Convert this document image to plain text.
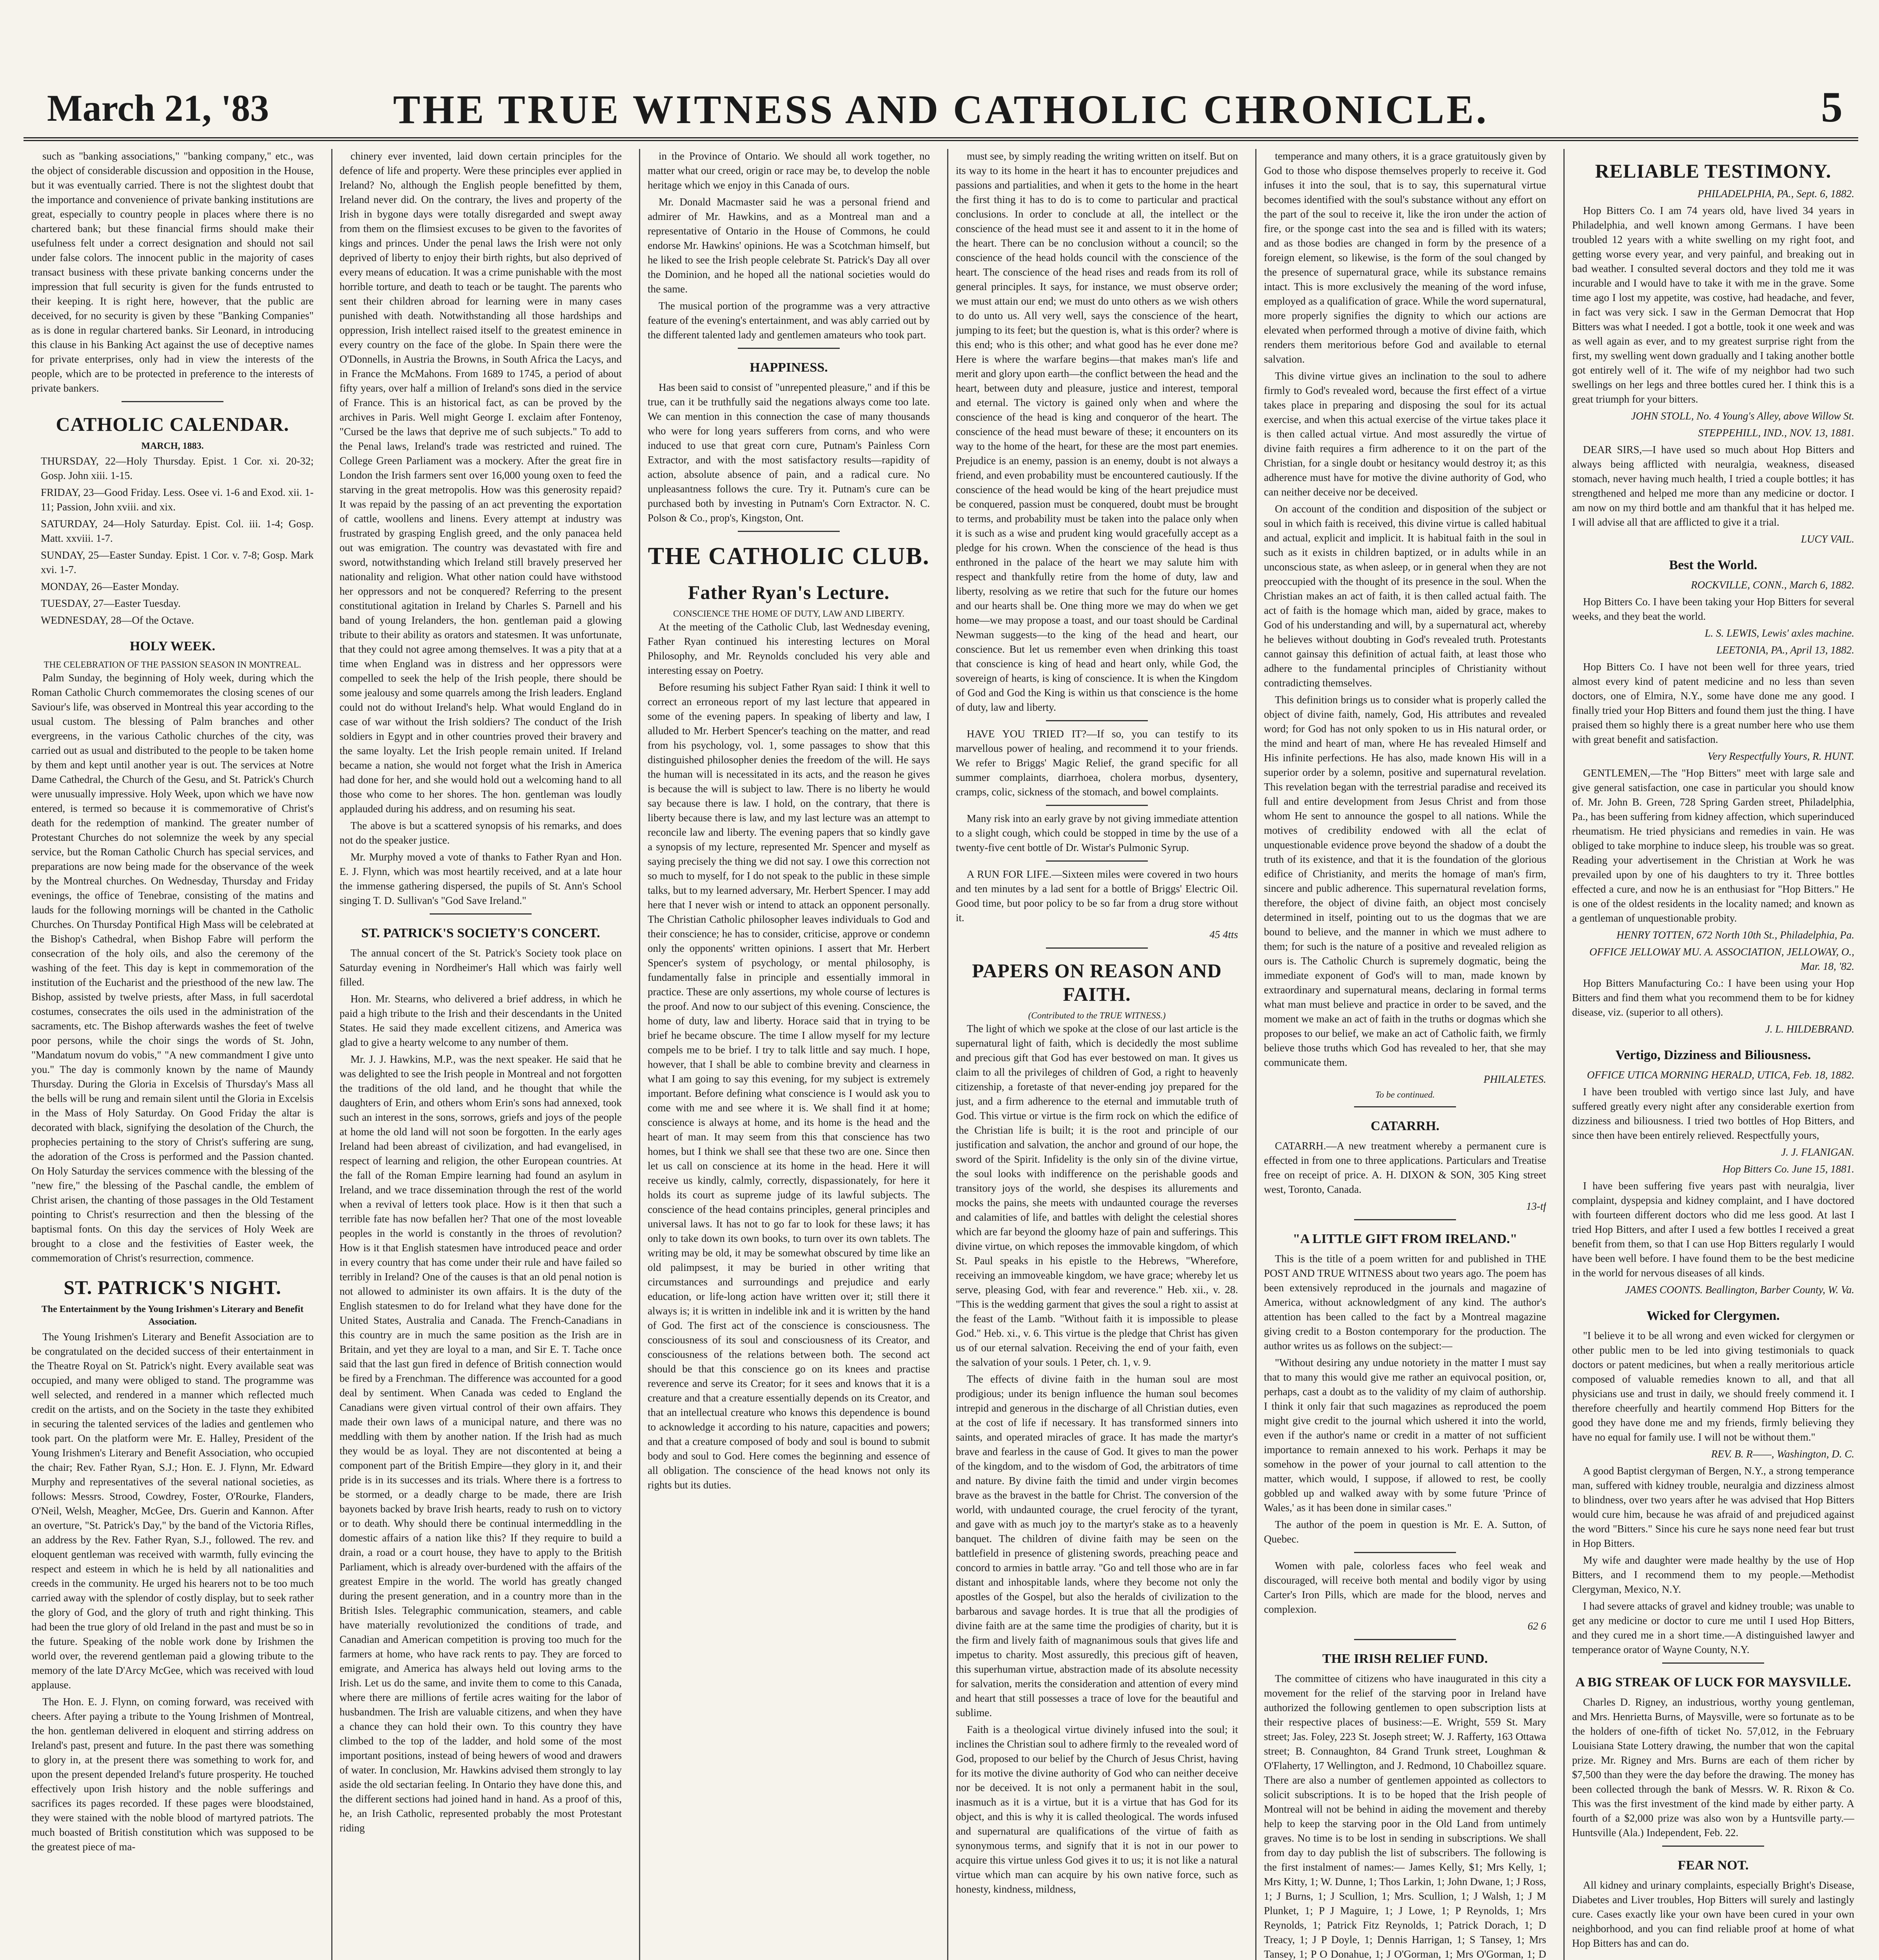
March 21, '83	THE TRUE WITNESS AND CATHOLIC CHRONICLE.	5

such as "banking associations," "banking company," etc., was the object of considerable discussion and opposition in the House, but it was eventually carried. There is not the slightest doubt that the importance and convenience of private banking institutions are great, especially to country people in places where there is no chartered bank; but these financial firms should make their usefulness felt under a correct designation and should not sail under false colors. The innocent public in the majority of cases transact business with these private banking concerns under the impression that full security is given for the funds entrusted to their keeping. It is right here, however, that the public are deceived, for no security is given by these "Banking Companies" as is done in regular chartered banks. Sir Leonard, in introducing this clause in his Banking Act against the use of deceptive names for private enterprises, only had in view the interests of the people, which are to be protected in preference to the interests of private bankers.

CATHOLIC CALENDAR.
MARCH, 1883.

THURSDAY, 22—Holy Thursday. Epist. 1 Cor. xi. 20-32; Gosp. John xiii. 1-15.

FRIDAY, 23—Good Friday. Less. Osee vi. 1-6 and Exod. xii. 1-11; Passion, John xviii. and xix.

SATURDAY, 24—Holy Saturday. Epist. Col. iii. 1-4; Gosp. Matt. xxviii. 1-7.

SUNDAY, 25—Easter Sunday. Epist. 1 Cor. v. 7-8; Gosp. Mark xvi. 1-7.

MONDAY, 26—Easter Monday.

TUESDAY, 27—Easter Tuesday.

WEDNESDAY, 28—Of the Octave.

HOLY WEEK.
THE CELEBRATION OF THE PASSION SEASON IN MONTREAL.

Palm Sunday, the beginning of Holy week, during which the Roman Catholic Church commemorates the closing scenes of our Saviour's life, was observed in Montreal this year according to the usual custom. The blessing of Palm branches and other evergreens, in the various Catholic churches of the city, was carried out as usual and distributed to the people to be taken home by them and kept until another year is out. The services at Notre Dame Cathedral, the Church of the Gesu, and St. Patrick's Church were unusually impressive. Holy Week, upon which we have now entered, is termed so because it is commemorative of Christ's death for the redemption of mankind. The greater number of Protestant Churches do not solemnize the week by any special service, but the Roman Catholic Church has special services, and preparations are now being made for the observance of the week by the Montreal churches. On Wednesday, Thursday and Friday evenings, the office of Tenebrae, consisting of the matins and lauds for the following mornings will be chanted in the Catholic Churches. On Thursday Pontifical High Mass will be celebrated at the Bishop's Cathedral, when Bishop Fabre will perform the consecration of the holy oils, and also the ceremony of the washing of the feet. This day is kept in commemoration of the institution of the Eucharist and the priesthood of the new law. The Bishop, assisted by twelve priests, after Mass, in full sacerdotal costumes, consecrates the oils used in the administration of the sacraments, etc. The Bishop afterwards washes the feet of twelve poor persons, while the choir sings the words of St. John, "Mandatum novum do vobis," "A new commandment I give unto you." The day is commonly known by the name of Maundy Thursday. During the Gloria in Excelsis of Thursday's Mass all the bells will be rung and remain silent until the Gloria in Excelsis in the Mass of Holy Saturday. On Good Friday the altar is decorated with black, signifying the desolation of the Church, the prophecies pertaining to the story of Christ's suffering are sung, the adoration of the Cross is performed and the Passion chanted. On Holy Saturday the services commence with the blessing of the "new fire," the blessing of the Paschal candle, the emblem of Christ arisen, the chanting of those passages in the Old Testament pointing to Christ's resurrection and then the blessing of the baptismal fonts. On this day the services of Holy Week are brought to a close and the festivities of Easter week, the commemoration of Christ's resurrection, commence.

ST. PATRICK'S NIGHT.
The Entertainment by the Young Irishmen's Literary and Benefit Association.

The Young Irishmen's Literary and Benefit Association are to be congratulated on the decided success of their entertainment in the Theatre Royal on St. Patrick's night. Every available seat was occupied, and many were obliged to stand. The programme was well selected, and rendered in a manner which reflected much credit on the artists, and on the Society in the taste they exhibited in securing the talented services of the ladies and gentlemen who took part. On the platform were Mr. E. Halley, President of the Young Irishmen's Literary and Benefit Association, who occupied the chair; Rev. Father Ryan, S.J.; Hon. E. J. Flynn, Mr. Edward Murphy and representatives of the several national societies, as follows: Messrs. Strood, Cowdrey, Foster, O'Rourke, Flanders, O'Neil, Welsh, Meagher, McGee, Drs. Guerin and Kannon. After an overture, "St. Patrick's Day," by the band of the Victoria Rifles, an address by the Rev. Father Ryan, S.J., followed. The rev. and eloquent gentleman was received with warmth, fully evincing the respect and esteem in which he is held by all nationalities and creeds in the community. He urged his hearers not to be too much carried away with the splendor of costly display, but to seek rather the glory of God, and the glory of truth and right thinking. This had been the true glory of old Ireland in the past and must be so in the future. Speaking of the noble work done by Irishmen the world over, the reverend gentleman paid a glowing tribute to the memory of the late D'Arcy McGee, which was received with loud applause.

The Hon. E. J. Flynn, on coming forward, was received with cheers. After paying a tribute to the Young Irishmen of Montreal, the hon. gentleman delivered in eloquent and stirring address on Ireland's past, present and future. In the past there was something to glory in, at the present there was something to work for, and upon the present depended Ireland's future prosperity. He touched effectively upon Irish history and the noble sufferings and sacrifices its pages recorded. If these pages were bloodstained, they were stained with the noble blood of martyred patriots. The much boasted of British constitution which was supposed to be the greatest piece of ma-

chinery ever invented, laid down certain principles for the defence of life and property. Were these principles ever applied in Ireland? No, although the English people benefitted by them, Ireland never did. On the contrary, the lives and property of the Irish in bygone days were totally disregarded and swept away from them on the flimsiest excuses to be given to the favorites of kings and princes. Under the penal laws the Irish were not only deprived of liberty to enjoy their birth rights, but also deprived of every means of education. It was a crime punishable with the most horrible torture, and death to teach or be taught. The parents who sent their children abroad for learning were in many cases punished with death. Notwithstanding all those hardships and oppression, Irish intellect raised itself to the greatest eminence in every country on the face of the globe. In Spain there were the O'Donnells, in Austria the Browns, in South Africa the Lacys, and in France the McMahons. From 1689 to 1745, a period of about fifty years, over half a million of Ireland's sons died in the service of France. This is an historical fact, as can be proved by the archives in Paris. Well might George I. exclaim after Fontenoy, "Cursed be the laws that deprive me of such subjects." To add to the Penal laws, Ireland's trade was restricted and ruined. The College Green Parliament was a mockery. After the great fire in London the Irish farmers sent over 16,000 young oxen to feed the starving in the great metropolis. How was this generosity repaid? It was repaid by the passing of an act preventing the exportation of cattle, woollens and linens. Every attempt at industry was frustrated by grasping English greed, and the only panacea held out was emigration. The country was devastated with fire and sword, notwithstanding which Ireland still bravely preserved her nationality and religion. What other nation could have withstood her oppressors and not be conquered? Referring to the present constitutional agitation in Ireland by Charles S. Parnell and his band of young Irelanders, the hon. gentleman paid a glowing tribute to their ability as orators and statesmen. It was unfortunate, that they could not agree among themselves. It was a pity that at a time when England was in distress and her oppressors were compelled to seek the help of the Irish people, there should be some jealousy and some quarrels among the Irish leaders. England could not do without Ireland's help. What would England do in case of war without the Irish soldiers? The conduct of the Irish soldiers in Egypt and in other countries proved their bravery and the same loyalty. Let the Irish people remain united. If Ireland became a nation, she would not forget what the Irish in America had done for her, and she would hold out a welcoming hand to all those who come to her shores. The hon. gentleman was loudly applauded during his address, and on resuming his seat.

The above is but a scattered synopsis of his remarks, and does not do the speaker justice.

Mr. Murphy moved a vote of thanks to Father Ryan and Hon. E. J. Flynn, which was most heartily received, and at a late hour the immense gathering dispersed, the pupils of St. Ann's School singing T. D. Sullivan's "God Save Ireland."

ST. PATRICK'S SOCIETY'S CONCERT.

The annual concert of the St. Patrick's Society took place on Saturday evening in Nordheimer's Hall which was fairly well filled.

Hon. Mr. Stearns, who delivered a brief address, in which he paid a high tribute to the Irish and their descendants in the United States. He said they made excellent citizens, and America was glad to give a hearty welcome to any number of them.

Mr. J. J. Hawkins, M.P., was the next speaker. He said that he was delighted to see the Irish people in Montreal and not forgotten the traditions of the old land, and he thought that while the daughters of Erin, and others whom Erin's sons had annexed, took such an interest in the sons, sorrows, griefs and joys of the people at home the old land will not soon be forgotten. In the early ages Ireland had been abreast of civilization, and had evangelised, in respect of learning and religion, the other European countries. At the fall of the Roman Empire learning had found an asylum in Ireland, and we trace dissemination through the rest of the world when a revival of letters took place. How is it then that such a terrible fate has now befallen her? That one of the most loveable peoples in the world is constantly in the throes of revolution? How is it that English statesmen have introduced peace and order in every country that has come under their rule and have failed so terribly in Ireland? One of the causes is that an old penal notion is not allowed to administer its own affairs. It is the duty of the English statesmen to do for Ireland what they have done for the United States, Australia and Canada. The French-Canadians in this country are in much the same position as the Irish are in Britain, and yet they are loyal to a man, and Sir E. T. Tache once said that the last gun fired in defence of British connection would be fired by a Frenchman. The difference was accounted for a good deal by sentiment. When Canada was ceded to England the Canadians were given virtual control of their own affairs. They made their own laws of a municipal nature, and there was no meddling with them by another nation. If the Irish had as much they would be as loyal. They are not discontented at being a component part of the British Empire—they glory in it, and their pride is in its successes and its trials. Where there is a fortress to be stormed, or a deadly charge to be made, there are Irish bayonets backed by brave Irish hearts, ready to rush on to victory or to death. Why should there be continual intermeddling in the domestic affairs of a nation like this? If they require to build a drain, a road or a court house, they have to apply to the British Parliament, which is already over-burdened with the affairs of the greatest Empire in the world. The world has greatly changed during the present generation, and in a country more than in the British Isles. Telegraphic communication, steamers, and cable have materially revolutionized the conditions of trade, and Canadian and American competition is proving too much for the farmers at home, who have rack rents to pay. They are forced to emigrate, and America has always held out loving arms to the Irish. Let us do the same, and invite them to come to this Canada, where there are millions of fertile acres waiting for the labor of husbandmen. The Irish are valuable citizens, and when they have a chance they can hold their own. To this country they have climbed to the top of the ladder, and hold some of the most important positions, instead of being hewers of wood and drawers of water. In conclusion, Mr. Hawkins advised them strongly to lay aside the old sectarian feeling. In Ontario they have done this, and the different sections had joined hand in hand. As a proof of this, he, an Irish Catholic, represented probably the most Protestant riding

in the Province of Ontario. We should all work together, no matter what our creed, origin or race may be, to develop the noble heritage which we enjoy in this Canada of ours.

Mr. Donald Macmaster said he was a personal friend and admirer of Mr. Hawkins, and as a Montreal man and a representative of Ontario in the House of Commons, he could endorse Mr. Hawkins' opinions. He was a Scotchman himself, but he liked to see the Irish people celebrate St. Patrick's Day all over the Dominion, and he hoped all the national societies would do the same.

The musical portion of the programme was a very attractive feature of the evening's entertainment, and was ably carried out by the different talented lady and gentlemen amateurs who took part.

HAPPINESS.

Has been said to consist of "unrepented pleasure," and if this be true, can it be truthfully said the negations always come too late. We can mention in this connection the case of many thousands who were for long years sufferers from corns, and who were induced to use that great corn cure, Putnam's Painless Corn Extractor, and with the most satisfactory results—rapidity of action, absolute absence of pain, and a radical cure. No unpleasantness follows the cure. Try it. Putnam's cure can be purchased both by investing in Putnam's Corn Extractor. N. C. Polson & Co., prop's, Kingston, Ont.

THE CATHOLIC CLUB.
Father Ryan's Lecture.
CONSCIENCE THE HOME OF DUTY, LAW AND LIBERTY.

At the meeting of the Catholic Club, last Wednesday evening, Father Ryan continued his interesting lectures on Moral Philosophy, and Mr. Reynolds concluded his very able and interesting essay on Poetry.

Before resuming his subject Father Ryan said: I think it well to correct an erroneous report of my last lecture that appeared in some of the evening papers. In speaking of liberty and law, I alluded to Mr. Herbert Spencer's teaching on the matter, and read from his psychology, vol. 1, some passages to show that this distinguished philosopher denies the freedom of the will. He says the human will is necessitated in its acts, and the reason he gives is because the will is subject to law. There is no liberty he would say because there is law. I hold, on the contrary, that there is liberty because there is law, and my last lecture was an attempt to reconcile law and liberty. The evening papers that so kindly gave a synopsis of my lecture, represented Mr. Spencer and myself as saying precisely the thing we did not say. I owe this correction not so much to myself, for I do not speak to the public in these simple talks, but to my learned adversary, Mr. Herbert Spencer. I may add here that I never wish or intend to attack an opponent personally. The Christian Catholic philosopher leaves individuals to God and their conscience; he has to consider, criticise, approve or condemn only the opponents' written opinions. I assert that Mr. Herbert Spencer's system of psychology, or mental philosophy, is fundamentally false in principle and essentially immoral in practice. These are only assertions, my whole course of lectures is the proof. And now to our subject of this evening. Conscience, the home of duty, law and liberty. Horace said that in trying to be brief he became obscure. The time I allow myself for my lecture compels me to be brief. I try to talk little and say much. I hope, however, that I shall be able to combine brevity and clearness in what I am going to say this evening, for my subject is extremely important. Before defining what conscience is I would ask you to come with me and see where it is. We shall find it at home; conscience is always at home, and its home is the head and the heart of man. It may seem from this that conscience has two homes, but I think we shall see that these two are one. Since then let us call on conscience at its home in the head. Here it will receive us kindly, calmly, correctly, dispassionately, for here it holds its court as supreme judge of its lawful subjects. The conscience of the head contains principles, general principles and universal laws. It has not to go far to look for these laws; it has only to take down its own books, to turn over its own tablets. The writing may be old, it may be somewhat obscured by time like an old palimpsest, it may be buried in other writing that circumstances and surroundings and prejudice and early education, or life-long action have written over it; still there it always is; it is written in indelible ink and it is written by the hand of God. The first act of the conscience is consciousness. The consciousness of its soul and consciousness of its Creator, and consciousness of the relations between both. The second act should be that this conscience go on its knees and practise reverence and serve its Creator; for it sees and knows that it is a creature and that a creature essentially depends on its Creator, and that an intellectual creature who knows this dependence is bound to acknowledge it according to his nature, capacities and powers; and that a creature composed of body and soul is bound to submit body and soul to God. Here comes the beginning and essence of all obligation. The conscience of the head knows not only its rights but its duties.

must see, by simply reading the writing written on itself. But on its way to its home in the heart it has to encounter prejudices and passions and partialities, and when it gets to the home in the heart the first thing it has to do is to come to particular and practical conclusions. In order to conclude at all, the intellect or the conscience of the head must see it and assent to it in the home of the heart. There can be no conclusion without a council; so the conscience of the head holds council with the conscience of the heart. The conscience of the head rises and reads from its roll of general principles. It says, for instance, we must observe order; we must attain our end; we must do unto others as we wish others to do unto us. All very well, says the conscience of the heart, jumping to its feet; but the question is, what is this order? where is this end; who is this other; and what good has he ever done me? Here is where the warfare begins—that makes man's life and merit and glory upon earth—the conflict between the head and the heart, between duty and pleasure, justice and interest, temporal and eternal. The victory is gained only when and where the conscience of the head is king and conqueror of the heart. The conscience of the head must beware of these; it encounters on its way to the home of the heart, for these are the most part enemies. Prejudice is an enemy, passion is an enemy, doubt is not always a friend, and even probability must be encountered cautiously. If the conscience of the head would be king of the heart prejudice must be conquered, passion must be conquered, doubt must be brought to terms, and probability must be taken into the palace only when it is such as a wise and prudent king would gracefully accept as a pledge for his crown. When the conscience of the head is thus enthroned in the palace of the heart we may salute him with respect and thankfully retire from the home of duty, law and liberty, resolving as we retire that such for the future our homes and our hearts shall be. One thing more we may do when we get home—we may propose a toast, and our toast should be Cardinal Newman suggests—to the king of the head and heart, our conscience. But let us remember even when drinking this toast that conscience is king of head and heart only, while God, the sovereign of hearts, is king of conscience. It is when the Kingdom of God and God the King is within us that conscience is the home of duty, law and liberty.

HAVE YOU TRIED IT?—If so, you can testify to its marvellous power of healing, and recommend it to your friends. We refer to Briggs' Magic Relief, the grand specific for all summer complaints, diarrhoea, cholera morbus, dysentery, cramps, colic, sickness of the stomach, and bowel complaints.

Many risk into an early grave by not giving immediate attention to a slight cough, which could be stopped in time by the use of a twenty-five cent bottle of Dr. Wistar's Pulmonic Syrup.

A RUN FOR LIFE.—Sixteen miles were covered in two hours and ten minutes by a lad sent for a bottle of Briggs' Electric Oil. Good time, but poor policy to be so far from a drug store without it.

45 4tts

PAPERS ON REASON AND FAITH.
(Contributed to the TRUE WITNESS.)

The light of which we spoke at the close of our last article is the supernatural light of faith, which is decidedly the most sublime and precious gift that God has ever bestowed on man. It gives us claim to all the privileges of children of God, a right to heavenly citizenship, a foretaste of that never-ending joy prepared for the just, and a firm adherence to the eternal and immutable truth of God. This virtue or virtue is the firm rock on which the edifice of the Christian life is built; it is the root and principle of our justification and salvation, the anchor and ground of our hope, the sword of the Spirit. Infidelity is the only sin of the divine virtue, the soul looks with indifference on the perishable goods and transitory joys of the world, she despises its allurements and mocks the pains, she meets with undaunted courage the reverses and calamities of life, and battles with delight the celestial shores which are far beyond the gloomy haze of pain and sufferings. This divine virtue, on which reposes the immovable kingdom, of which St. Paul speaks in his epistle to the Hebrews, "Wherefore, receiving an immoveable kingdom, we have grace; whereby let us serve, pleasing God, with fear and reverence." Heb. xii., v. 28. "This is the wedding garment that gives the soul a right to assist at the feast of the Lamb. "Without faith it is impossible to please God." Heb. xi., v. 6. This virtue is the pledge that Christ has given us of our eternal salvation. Receiving the end of your faith, even the salvation of your souls. 1 Peter, ch. 1, v. 9.

The effects of divine faith in the human soul are most prodigious; under its benign influence the human soul becomes intrepid and generous in the discharge of all Christian duties, even at the cost of life if necessary. It has transformed sinners into saints, and operated miracles of grace. It has made the martyr's brave and fearless in the cause of God. It gives to man the power of the kingdom, and to the wisdom of God, the arbitrators of time and nature. By divine faith the timid and under virgin becomes brave as the bravest in the battle for Christ. The conversion of the world, with undaunted courage, the cruel ferocity of the tyrant, and gave with as much joy to the martyr's stake as to a heavenly banquet. The children of divine faith may be seen on the battlefield in presence of glistening swords, preaching peace and concord to armies in battle array. "Go and tell those who are in far distant and inhospitable lands, where they become not only the apostles of the Gospel, but also the heralds of civilization to the barbarous and savage hordes. It is true that all the prodigies of divine faith are at the same time the prodigies of charity, but it is the firm and lively faith of magnanimous souls that gives life and impetus to charity. Most assuredly, this precious gift of heaven, this superhuman virtue, abstraction made of its absolute necessity for salvation, merits the consideration and attention of every mind and heart that still possesses a trace of love for the beautiful and sublime.

Faith is a theological virtue divinely infused into the soul; it inclines the Christian soul to adhere firmly to the revealed word of God, proposed to our belief by the Church of Jesus Christ, having for its motive the divine authority of God who can neither deceive nor be deceived. It is not only a permanent habit in the soul, inasmuch as it is a virtue, but it is a virtue that has God for its object, and this is why it is called theological. The words infused and supernatural are qualifications of the virtue of faith as synonymous terms, and signify that it is not in our power to acquire this virtue unless God gives it to us; it is not like a natural virtue which man can acquire by his own native force, such as honesty, kindness, mildness,

temperance and many others, it is a grace gratuitously given by God to those who dispose themselves properly to receive it. God infuses it into the soul, that is to say, this supernatural virtue becomes identified with the soul's substance without any effort on the part of the soul to receive it, like the iron under the action of fire, or the sponge cast into the sea and is filled with its waters; and as those bodies are changed in form by the presence of a foreign element, so likewise, is the form of the soul changed by the presence of supernatural grace, while its substance remains intact. This is more exclusively the meaning of the word infuse, employed as a qualification of grace. While the word supernatural, more properly signifies the dignity to which our actions are elevated when performed through a motive of divine faith, which renders them meritorious before God and available to eternal salvation.

This divine virtue gives an inclination to the soul to adhere firmly to God's revealed word, because the first effect of a virtue takes place in preparing and disposing the soul for its actual exercise, and when this actual exercise of the virtue takes place it is then called actual virtue. And most assuredly the virtue of divine faith requires a firm adherence to it on the part of the Christian, for a single doubt or hesitancy would destroy it; as this adherence must have for motive the divine authority of God, who can neither deceive nor be deceived.

On account of the condition and disposition of the subject or soul in which faith is received, this divine virtue is called habitual and actual, explicit and implicit. It is habitual faith in the soul in such as it exists in children baptized, or in adults while in an unconscious state, as when asleep, or in general when they are not preoccupied with the thought of its presence in the soul. When the Christian makes an act of faith, it is then called actual faith. The act of faith is the homage which man, aided by grace, makes to God of his understanding and will, by a supernatural act, whereby he believes without doubting in God's revealed truth. Protestants cannot gainsay this definition of actual faith, at least those who adhere to the fundamental principles of Christianity without contradicting themselves.

This definition brings us to consider what is properly called the object of divine faith, namely, God, His attributes and revealed word; for God has not only spoken to us in His natural order, or the mind and heart of man, where He has revealed Himself and His infinite perfections. He has also, made known His will in a superior order by a solemn, positive and supernatural revelation. This revelation began with the terrestrial paradise and received its full and entire development from Jesus Christ and from those whom He sent to announce the gospel to all nations. While the motives of credibility endowed with all the eclat of unquestionable evidence prove beyond the shadow of a doubt the truth of its existence, and that it is the foundation of the glorious edifice of Christianity, and merits the homage of man's firm, sincere and public adherence. This supernatural revelation forms, therefore, the object of divine faith, an object most concisely determined in itself, pointing out to us the dogmas that we are bound to believe, and the manner in which we must adhere to them; for such is the nature of a positive and revealed religion as ours is. The Catholic Church is supremely dogmatic, being the immediate exponent of God's will to man, made known by extraordinary and supernatural means, declaring in formal terms what man must believe and practice in order to be saved, and the moment we make an act of faith in the truths or dogmas which she proposes to our belief, we make an act of Catholic faith, we firmly believe those truths which God has revealed to her, that she may communicate them.

PHILALETES.

To be continued.
CATARRH.

CATARRH.—A new treatment whereby a permanent cure is effected in from one to three applications. Particulars and Treatise free on receipt of price. A. H. DIXON & SON, 305 King street west, Toronto, Canada.

13-tf

"A LITTLE GIFT FROM IRELAND."

This is the title of a poem written for and published in THE POST AND TRUE WITNESS about two years ago. The poem has been extensively reproduced in the journals and magazine of America, without acknowledgment of any kind. The author's attention has been called to the fact by a Montreal magazine giving credit to a Boston contemporary for the production. The author writes us as follows on the subject:—

"Without desiring any undue notoriety in the matter I must say that to many this would give me rather an equivocal position, or, perhaps, cast a doubt as to the validity of my claim of authorship. I think it only fair that such magazines as reproduced the poem might give credit to the journal which ushered it into the world, even if the author's name or credit in a matter of not sufficient importance to remain annexed to his work. Perhaps it may be somehow in the power of your journal to call attention to the matter, which would, I suppose, if allowed to rest, be coolly gobbled up and walked away with by some future 'Prince of Wales,' as it has been done in similar cases."

The author of the poem in question is Mr. E. A. Sutton, of Quebec.

Women with pale, colorless faces who feel weak and discouraged, will receive both mental and bodily vigor by using Carter's Iron Pills, which are made for the blood, nerves and complexion.

62 6

THE IRISH RELIEF FUND.

The committee of citizens who have inaugurated in this city a movement for the relief of the starving poor in Ireland have authorized the following gentlemen to open subscription lists at their respective places of business:—E. Wright, 559 St. Mary street; Jas. Foley, 223 St. Joseph street; W. J. Rafferty, 163 Ottawa street; B. Connaughton, 84 Grand Trunk street, Loughman & O'Flaherty, 17 Wellington, and J. Redmond, 10 Chaboillez square. There are also a number of gentlemen appointed as collectors to solicit subscriptions. It is to be hoped that the Irish people of Montreal will not be behind in aiding the movement and thereby help to keep the starving poor in the Old Land from untimely graves. No time is to be lost in sending in subscriptions. We shall from day to day publish the list of subscribers. The following is the first instalment of names:— James Kelly, $1; Mrs Kelly, 1; Mrs Kitty, 1; W. Dunne, 1; Thos Larkin, 1; John Dwane, 1; J Ross, 1; J Burns, 1; J Scullion, 1; Mrs. Scullion, 1; J Walsh, 1; J M Plunket, 1; P J Maguire, 1; J Lowe, 1; P Reynolds, 1; Mrs Reynolds, 1; Patrick Fitz Reynolds, 1; Patrick Dorach, 1; D Treacy, 1; J P Doyle, 1; Dennis Harrigan, 1; S Tansey, 1; Mrs Tansey, 1; P O Donahue, 1; J O'Gorman, 1; Mrs O'Gorman, 1; D

RELIABLE TESTIMONY.

PHILADELPHIA, PA., Sept. 6, 1882.

Hop Bitters Co. I am 74 years old, have lived 34 years in Philadelphia, and well known among Germans. I have been troubled 12 years with a white swelling on my right foot, and getting worse every year, and very painful, and breaking out in bad weather. I consulted several doctors and they told me it was incurable and I would have to take it with me in the grave. Some time ago I lost my appetite, was costive, had headache, and fever, in fact was very sick. I saw in the German Democrat that Hop Bitters was what I needed. I got a bottle, took it one week and was as well again as ever, and to my greatest surprise right from the first, my swelling went down gradually and I taking another bottle got entirely well of it. The wife of my neighbor had two such swellings on her legs and three bottles cured her. I think this is a great triumph for your bitters.

JOHN STOLL, No. 4 Young's Alley, above Willow St.

STEPPEHILL, IND., NOV. 13, 1881.

DEAR SIRS,—I have used so much about Hop Bitters and always being afflicted with neuralgia, weakness, diseased stomach, never having much health, I tried a couple bottles; it has strengthened and helped me more than any medicine or doctor. I am now on my third bottle and am thankful that it has helped me. I will advise all that are afflicted to give it a trial.

LUCY VAIL.

Best the World.

ROCKVILLE, CONN., March 6, 1882.

Hop Bitters Co. I have been taking your Hop Bitters for several weeks, and they beat the world.

L. S. LEWIS, Lewis' axles machine.

LEETONIA, PA., April 13, 1882.

Hop Bitters Co. I have not been well for three years, tried almost every kind of patent medicine and no less than seven doctors, one of Elmira, N.Y., some have done me any good. I finally tried your Hop Bitters and found them just the thing. I have praised them so highly there is a great number here who use them with great benefit and satisfaction.

Very Respectfully Yours, R. HUNT.

GENTLEMEN,—The "Hop Bitters" meet with large sale and give general satisfaction, one case in particular you should know of. Mr. John B. Green, 728 Spring Garden street, Philadelphia, Pa., has been suffering from kidney affection, which superinduced rheumatism. He tried physicians and remedies in vain. He was obliged to take morphine to induce sleep, his trouble was so great. Reading your advertisement in the Christian at Work he was prevailed upon by one of his daughters to try it. Three bottles effected a cure, and now he is an enthusiast for "Hop Bitters." He is one of the oldest residents in the locality named; and known as a gentleman of unquestionable probity.

HENRY TOTTEN, 672 North 10th St., Philadelphia, Pa.

OFFICE JELLOWAY MU. A. ASSOCIATION, JELLOWAY, O., Mar. 18, '82.

Hop Bitters Manufacturing Co.: I have been using your Hop Bitters and find them what you recommend them to be for kidney disease, viz. (superior to all others).

J. L. HILDEBRAND.

Vertigo, Dizziness and Biliousness.

OFFICE UTICA MORNING HERALD, UTICA, Feb. 18, 1882.

I have been troubled with vertigo since last July, and have suffered greatly every night after any considerable exertion from dizziness and biliousness. I tried two bottles of Hop Bitters, and since then have been entirely relieved. Respectfully yours,

J. J. FLANIGAN.

Hop Bitters Co. June 15, 1881.

I have been suffering five years past with neuralgia, liver complaint, dyspepsia and kidney complaint, and I have doctored with fourteen different doctors who did me less good. At last I tried Hop Bitters, and after I used a few bottles I received a great benefit from them, so that I can use Hop Bitters regularly I would have been well before. I have found them to be the best medicine in the world for nervous diseases of all kinds.

JAMES COONTS. Beallington, Barber County, W. Va.

Wicked for Clergymen.

"I believe it to be all wrong and even wicked for clergymen or other public men to be led into giving testimonials to quack doctors or patent medicines, but when a really meritorious article composed of valuable remedies known to all, and that all physicians use and trust in daily, we should freely commend it. I therefore cheerfully and heartily commend Hop Bitters for the good they have done me and my friends, firmly believing they have no equal for family use. I will not be without them."

REV. B. R——, Washington, D. C.

A good Baptist clergyman of Bergen, N.Y., a strong temperance man, suffered with kidney trouble, neuralgia and dizziness almost to blindness, over two years after he was advised that Hop Bitters would cure him, because he was afraid of and prejudiced against the word "Bitters." Since his cure he says none need fear but trust in Hop Bitters.

My wife and daughter were made healthy by the use of Hop Bitters, and I recommend them to my people.—Methodist Clergyman, Mexico, N.Y.

I had severe attacks of gravel and kidney trouble; was unable to get any medicine or doctor to cure me until I used Hop Bitters, and they cured me in a short time.—A distinguished lawyer and temperance orator of Wayne County, N.Y.

A BIG STREAK OF LUCK FOR MAYSVILLE.

Charles D. Rigney, an industrious, worthy young gentleman, and Mrs. Henrietta Burns, of Maysville, were so fortunate as to be the holders of one-fifth of ticket No. 57,012, in the February Louisiana State Lottery drawing, the number that won the capital prize. Mr. Rigney and Mrs. Burns are each of them richer by $7,500 than they were the day before the drawing. The money has been collected through the bank of Messrs. W. R. Rixon & Co. This was the first investment of the kind made by either party. A fourth of a $2,000 prize was also won by a Huntsville party.—Huntsville (Ala.) Independent, Feb. 22.

FEAR NOT.

All kidney and urinary complaints, especially Bright's Disease, Diabetes and Liver troubles, Hop Bitters will surely and lastingly cure. Cases exactly like your own have been cured in your own neighborhood, and you can find reliable proof at home of what Hop Bitters has and can do.
